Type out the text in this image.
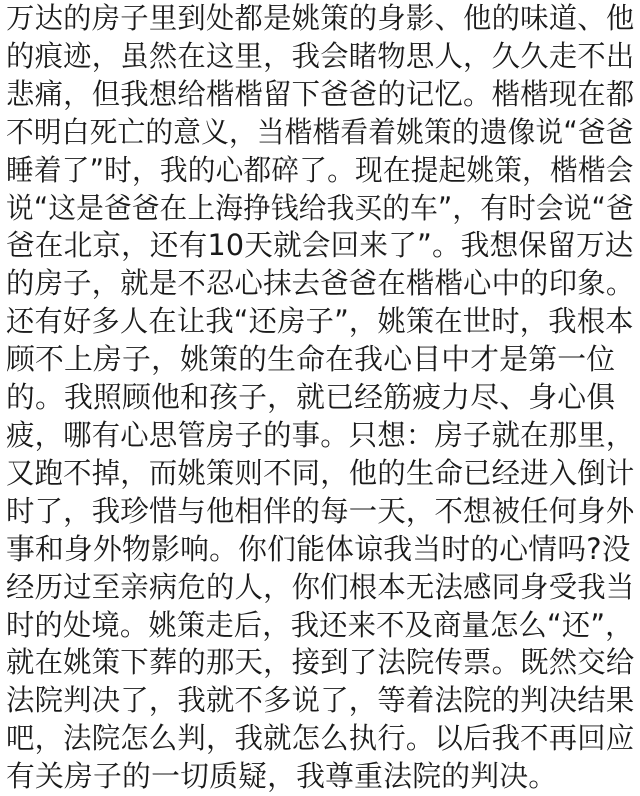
万达的房子里到处都是姚策的身影、他的味道、他
的痕迹，虽然在这里，我会睹物思人，久久走不出
悲痛，但我想给楷楷留下爸爸的记忆。楷楷现在都
不明白死亡的意义，当楷楷看着姚策的遗像说“爸爸
睡着了”时，我的心都碎了。现在提起姚策，楷楷会
说“这是爸爸在上海挣钱给我买的车”，有时会说“爸
爸在北京，还有10天就会回来了”。我想保留万达
的房子，就是不忍心抹去爸爸在楷楷心中的印象。
还有好多人在让我“还房子”，姚策在世时，我根本
顾不上房子，姚策的生命在我心目中才是第一位
的。我照顾他和孩子，就已经筋疲力尽、身心俱
疲，哪有心思管房子的事。只想：房子就在那里，
又跑不掉，而姚策则不同，他的生命已经进入倒计
时了，我珍惜与他相伴的每一天，不想被任何身外
事和身外物影响。你们能体谅我当时的心情吗?没
经历过至亲病危的人，你们根本无法感同身受我当
时的处境。姚策走后，我还来不及商量怎么“还”，
就在姚策下葬的那天，接到了法院传票。既然交给
法院判决了，我就不多说了，等着法院的判决结果
吧，法院怎么判，我就怎么执行。以后我不再回应
有关房子的一切质疑，我尊重法院的判决。
